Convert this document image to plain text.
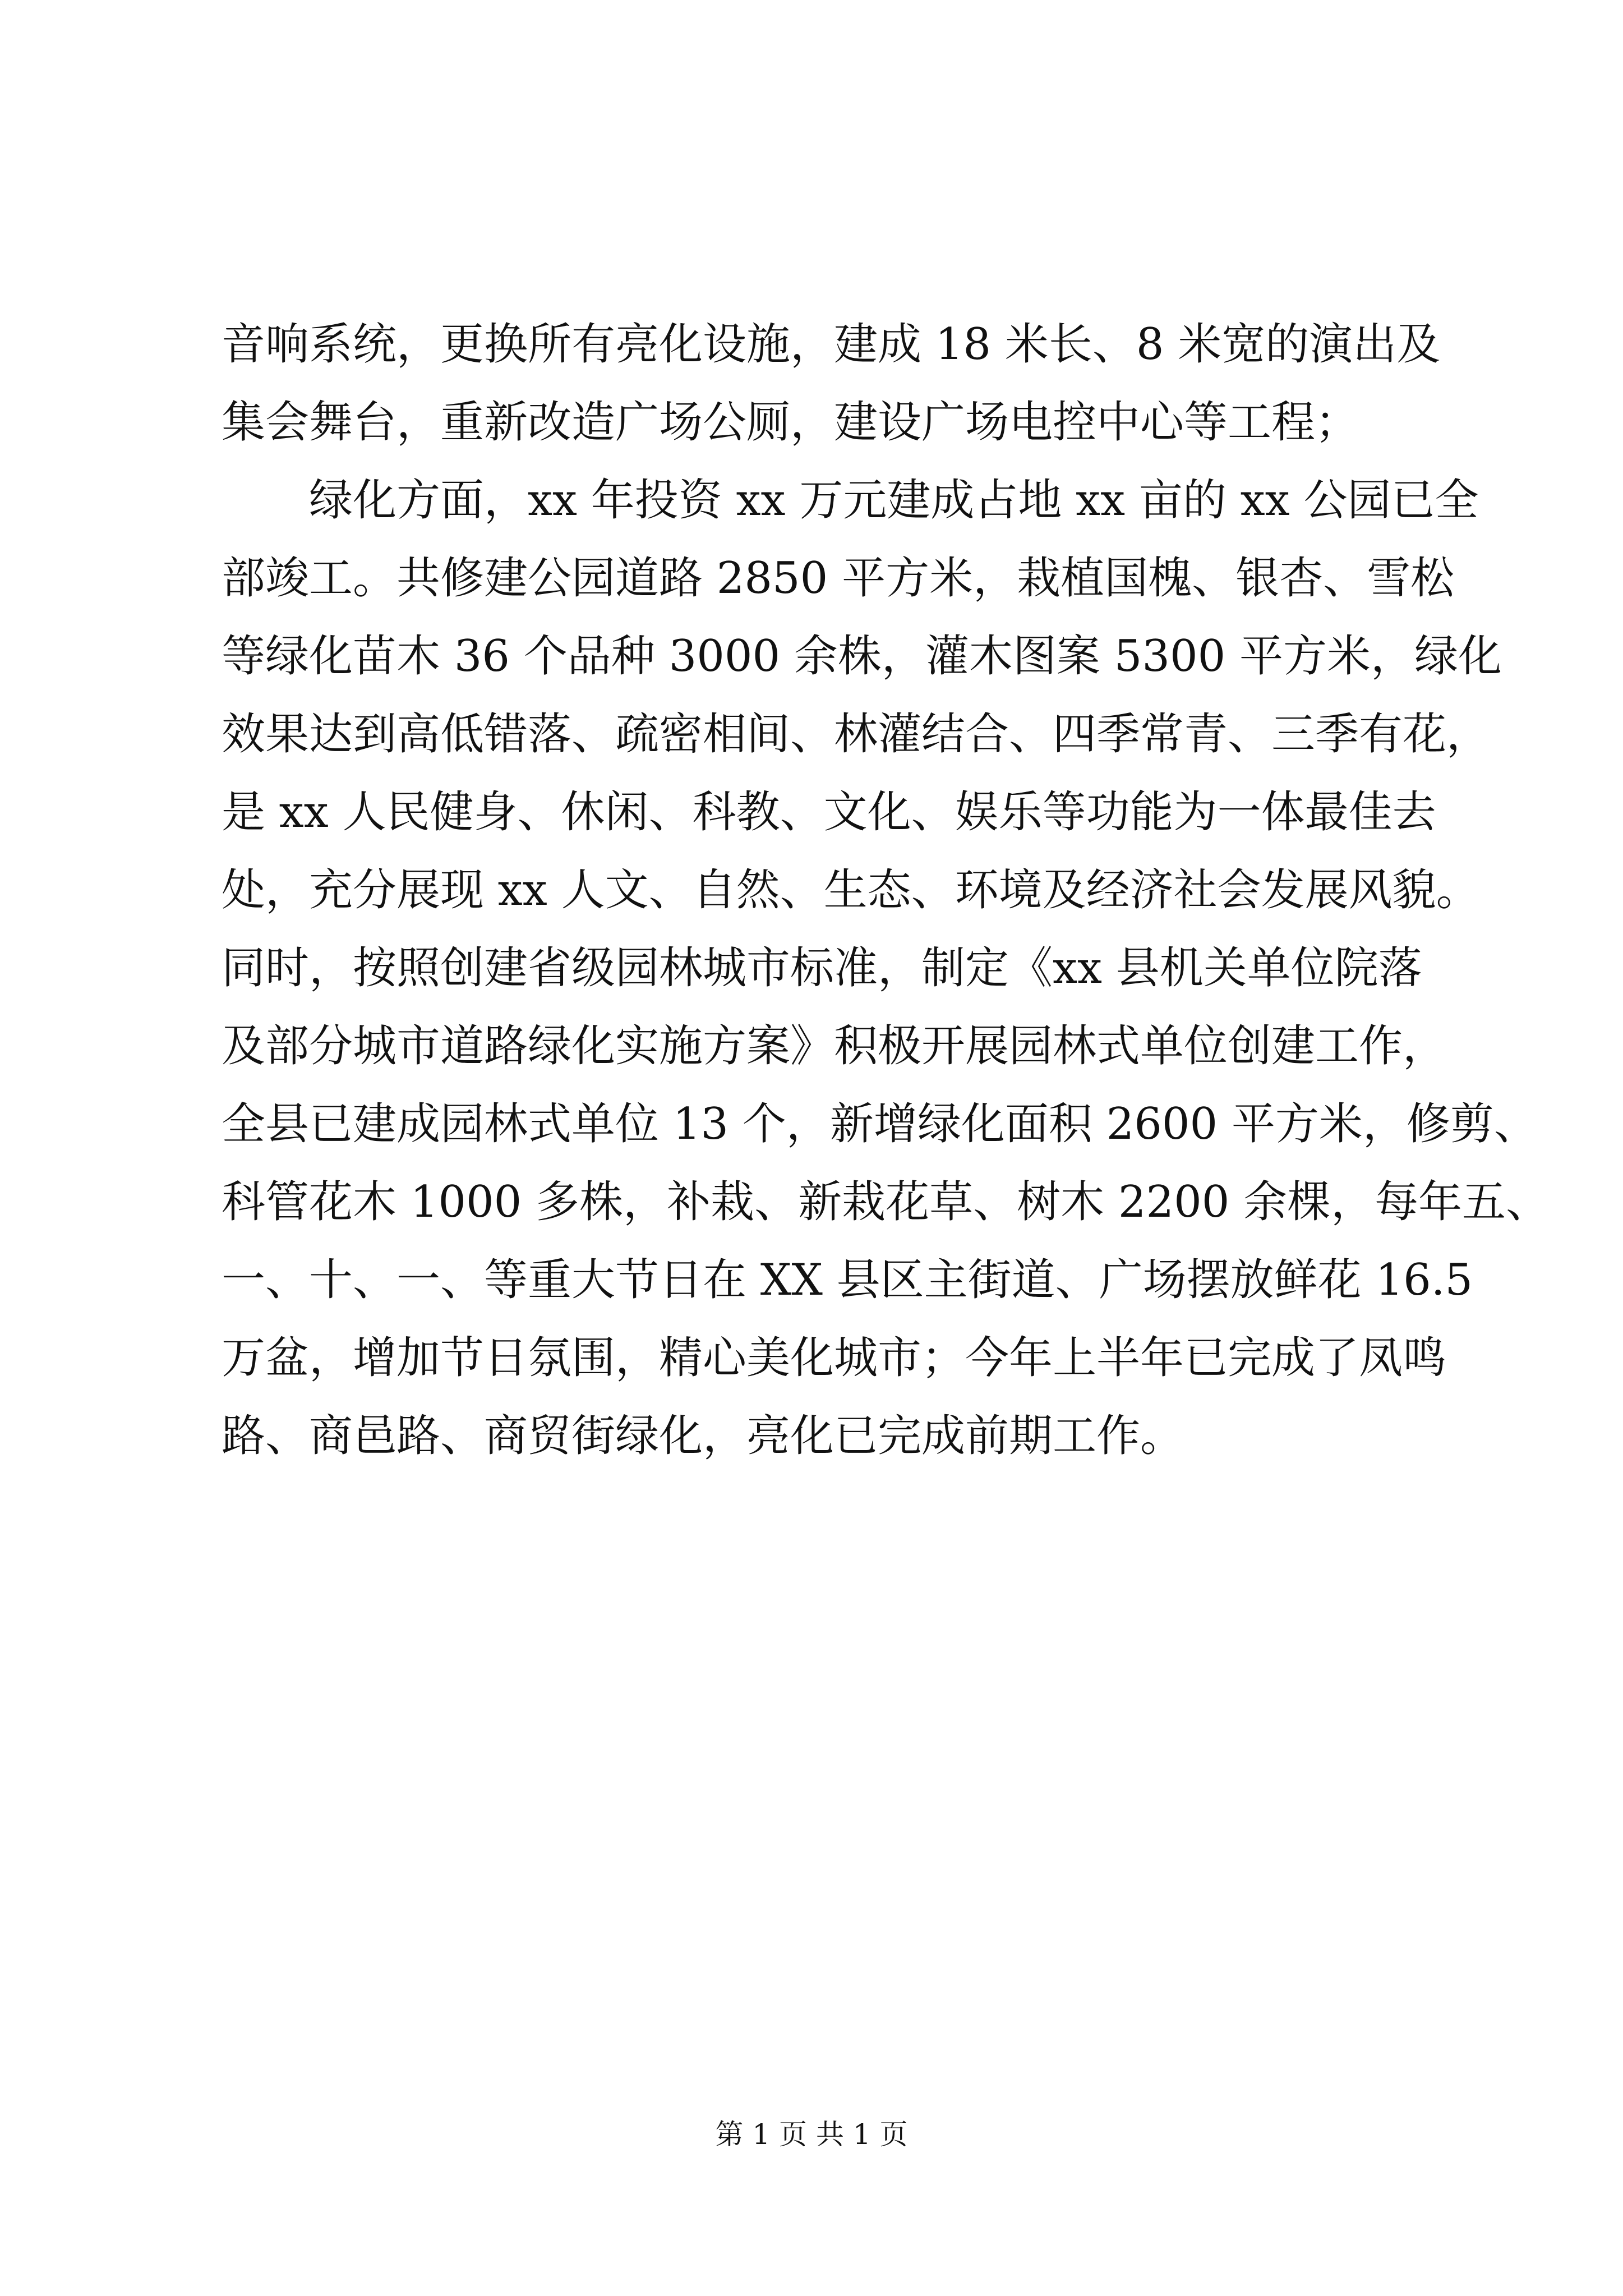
音响系统，更换所有亮化设施，建成 18 米长、8 米宽的演出及
集会舞台，重新改造广场公厕，建设广场电控中心等工程；
　　绿化方面，xx 年投资 xx 万元建成占地 xx 亩的 xx 公园已全
部竣工。共修建公园道路 2850 平方米，栽植国槐、银杏、雪松
等绿化苗木 36 个品种 3000 余株，灌木图案 5300 平方米，绿化
效果达到高低错落、疏密相间、林灌结合、四季常青、三季有花，
是 xx 人民健身、休闲、科教、文化、娱乐等功能为一体最佳去
处，充分展现 xx 人文、自然、生态、环境及经济社会发展风貌。
同时，按照创建省级园林城市标准，制定《xx 县机关单位院落
及部分城市道路绿化实施方案》积极开展园林式单位创建工作，
全县已建成园林式单位 13 个，新增绿化面积 2600 平方米，修剪、
科管花木 1000 多株，补栽、新栽花草、树木 2200 余棵，每年五、
一、十、一、等重大节日在 XX 县区主街道、广场摆放鲜花 16.5
万盆，增加节日氛围，精心美化城市；今年上半年已完成了凤鸣
路、商邑路、商贸街绿化，亮化已完成前期工作。
第 1 页 共 1 页
